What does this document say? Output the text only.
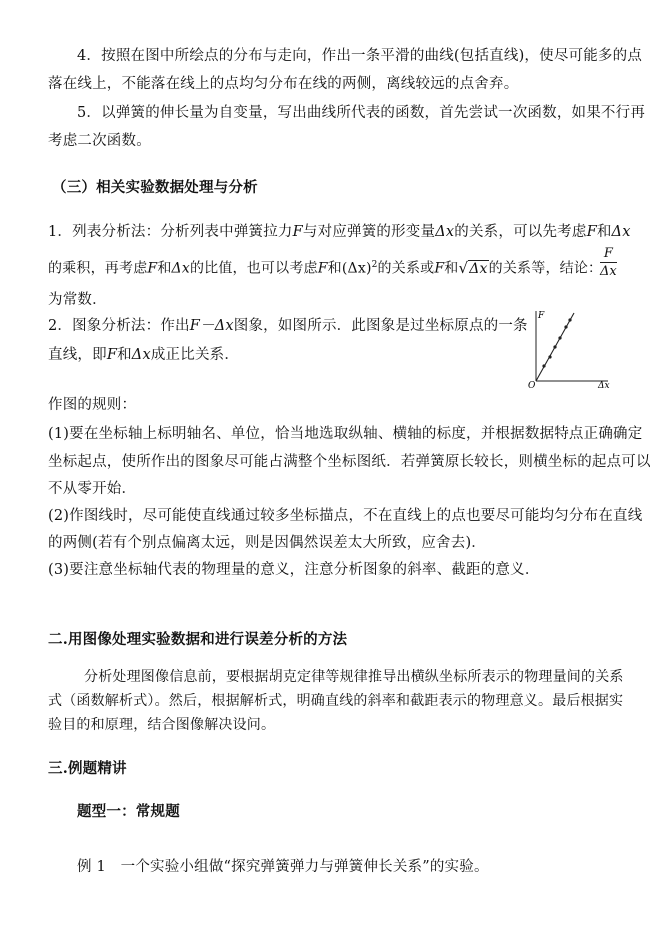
4．按照在图中所绘点的分布与走向，作出一条平滑的曲线(包括直线)，使尽可能多的点
落在线上，不能落在线上的点均匀分布在线的两侧，离线较远的点舍弃。
5．以弹簧的伸长量为自变量，写出曲线所代表的函数，首先尝试一次函数，如果不行再
考虑二次函数。
（三）相关实验数据处理与分析
1．列表分析法：分析列表中弹簧拉力F与对应弹簧的形变量Δx的关系，可以先考虑F和Δx
的乘积，再考虑F和Δx的比值，也可以考虑F和$(\Delta x)^2$的关系或F和√Δx的关系等，结论：
$\frac{F}{\Delta x}$
为常数．
2．图象分析法：作出F－Δx图象，如图所示．此图象是过坐标原点的一条
直线，即F和Δx成正比关系．
F
O	Δx
作图的规则：
(1)要在坐标轴上标明轴名、单位，恰当地选取纵轴、横轴的标度，并根据数据特点正确确定
坐标起点，使所作出的图象尽可能占满整个坐标图纸．若弹簧原长较长，则横坐标的起点可以
不从零开始．
(2)作图线时，尽可能使直线通过较多坐标描点，不在直线上的点也要尽可能均匀分布在直线
的两侧(若有个别点偏离太远，则是因偶然误差太大所致，应舍去)．
(3)要注意坐标轴代表的物理量的意义，注意分析图象的斜率、截距的意义．
二.用图像处理实验数据和进行误差分析的方法
分析处理图像信息前，要根据胡克定律等规律推导出横纵坐标所表示的物理量间的关系
式（函数解析式）。然后，根据解析式，明确直线的斜率和截距表示的物理意义。最后根据实
验目的和原理，结合图像解决设问。
三.例题精讲
题型一：常规题
例 1　一个实验小组做“探究弹簧弹力与弹簧伸长关系”的实验。
